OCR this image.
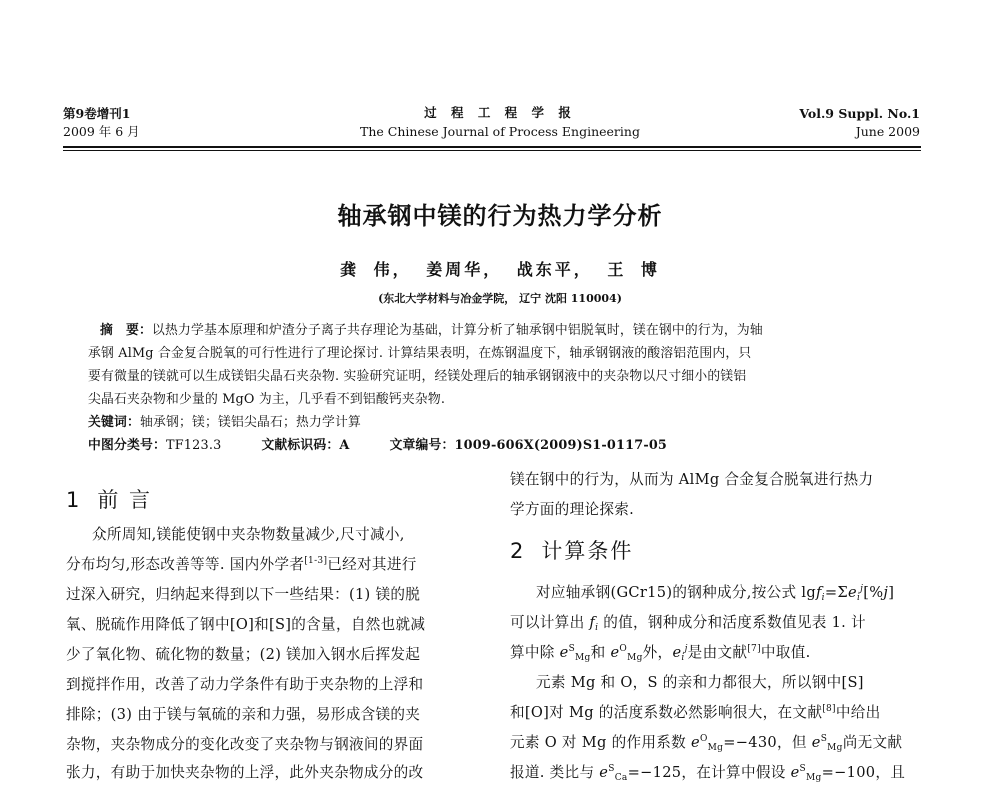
第9卷增刊1
2009 年 6 月
过 程 工 程 学 报
The Chinese Journal of Process Engineering
Vol.9 Suppl. No.1
June 2009
轴承钢中镁的行为热力学分析
龚 伟， 姜周华， 战东平， 王 博
(东北大学材料与冶金学院， 辽宁 沈阳 110004)
摘　要：以热力学基本原理和炉渣分子离子共存理论为基础，计算分析了轴承钢中铝脱氧时，镁在钢中的行为，为轴
承钢 AlMg 合金复合脱氧的可行性进行了理论探讨. 计算结果表明，在炼钢温度下，轴承钢钢液的酸溶铝范围内，只
要有微量的镁就可以生成镁铝尖晶石夹杂物. 实验研究证明，经镁处理后的轴承钢钢液中的夹杂物以尺寸细小的镁铝
尖晶石夹杂物和少量的 MgO 为主，几乎看不到铝酸钙夹杂物.
关键词：轴承钢；镁；镁铝尖晶石；热力学计算
中图分类号：TF123.3	文献标识码：A	文章编号：1009-606X(2009)S1-0117-05
1 前 言
众所周知,镁能使钢中夹杂物数量减少,尺寸减小,
分布均匀,形态改善等等. 国内外学者[1-3]已经对其进行
过深入研究，归纳起来得到以下一些结果：(1) 镁的脱
氧、脱硫作用降低了钢中[O]和[S]的含量，自然也就减
少了氧化物、硫化物的数量；(2) 镁加入钢水后挥发起
到搅拌作用，改善了动力学条件有助于夹杂物的上浮和
排除；(3) 由于镁与氧硫的亲和力强，易形成含镁的夹
杂物，夹杂物成分的变化改变了夹杂物与钢液间的界面
镁在钢中的行为，从而为 AlMg 合金复合脱氧进行热力
学方面的理论探索.
2 计算条件
对应轴承钢(GCr15)的钢种成分,按公式 $\lg f_i=\Sigma e_i^j[\%j]$
可以计算出 $f_i$ 的值，钢种成分和活度系数值见表 1. 计
算中除 $e^S_{Mg}$和 $e^O_{Mg}$外，$e_i^j$是由文献[7]中取值.
元素 Mg 和 O，S 的亲和力都很大，所以钢中[S]
和[O]对 Mg 的活度系数必然影响很大，在文献[8]中给出
元素 O 对 Mg 的作用系数 $e^O_{Mg}=-430$，但 $e^S_{Mg}$尚无文献
报道. 类比与 $e^S_{Ca}=-125$，在计算中假设 $e^S_{Mg}=-100$，且
张力，有助于加快夹杂物的上浮，此外夹杂物成分的改
